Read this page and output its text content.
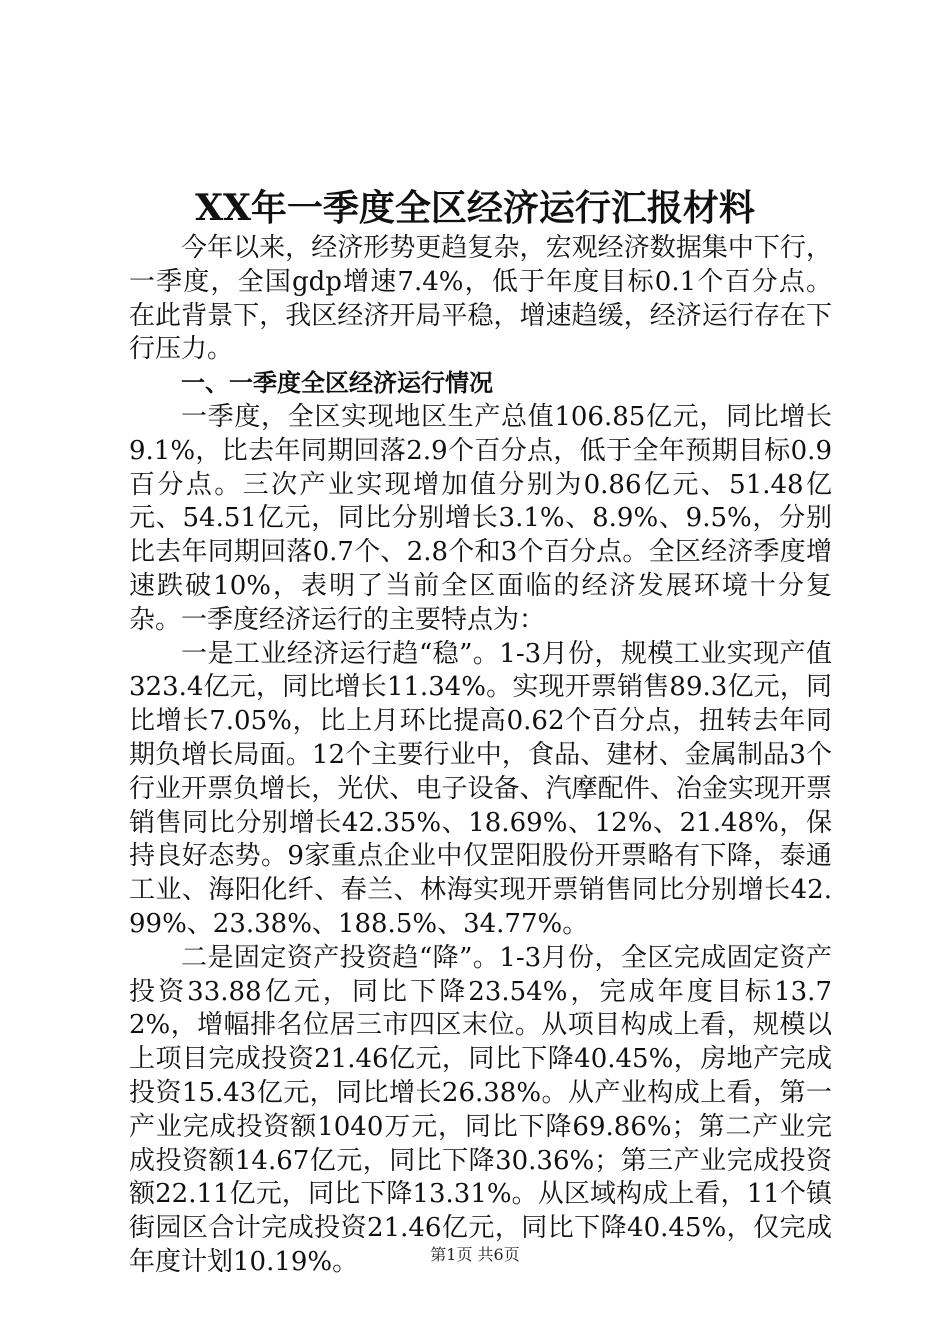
XX年一季度全区经济运行汇报材料

今年以来，经济形势更趋复杂，宏观经济数据集中下行，一季度，全国gdp增速7.4%，低于年度目标0.1个百分点。在此背景下，我区经济开局平稳，增速趋缓，经济运行存在下行压力。

一、一季度全区经济运行情况

一季度，全区实现地区生产总值106.85亿元，同比增长9.1%，比去年同期回落2.9个百分点，低于全年预期目标0.9百分点。三次产业实现增加值分别为0.86亿元、51.48亿元、54.51亿元，同比分别增长3.1%、8.9%、9.5%，分别比去年同期回落0.7个、2.8个和3个百分点。全区经济季度增速跌破10%，表明了当前全区面临的经济发展环境十分复杂。一季度经济运行的主要特点为：

一是工业经济运行趋“稳”。1-3月份，规模工业实现产值323.4亿元，同比增长11.34%。实现开票销售89.3亿元，同比增长7.05%，比上月环比提高0.62个百分点，扭转去年同期负增长局面。12个主要行业中，食品、建材、金属制品3个行业开票负增长，光伏、电子设备、汽摩配件、冶金实现开票销售同比分别增长42.35%、18.69%、12%、21.48%，保持良好态势。9家重点企业中仅罡阳股份开票略有下降，泰通工业、海阳化纤、春兰、林海实现开票销售同比分别增长42.99%、23.38%、188.5%、34.77%。

二是固定资产投资趋“降”。1-3月份，全区完成固定资产投资33.88亿元，同比下降23.54%，完成年度目标13.72%，增幅排名位居三市四区末位。从项目构成上看，规模以上项目完成投资21.46亿元，同比下降40.45%，房地产完成投资15.43亿元，同比增长26.38%。从产业构成上看，第一产业完成投资额1040万元，同比下降69.86%；第二产业完成投资额14.67亿元，同比下降30.36%；第三产业完成投资额22.11亿元，同比下降13.31%。从区域构成上看，11个镇街园区合计完成投资21.46亿元，同比下降40.45%，仅完成年度计划10.19%。	第1页 共6页
